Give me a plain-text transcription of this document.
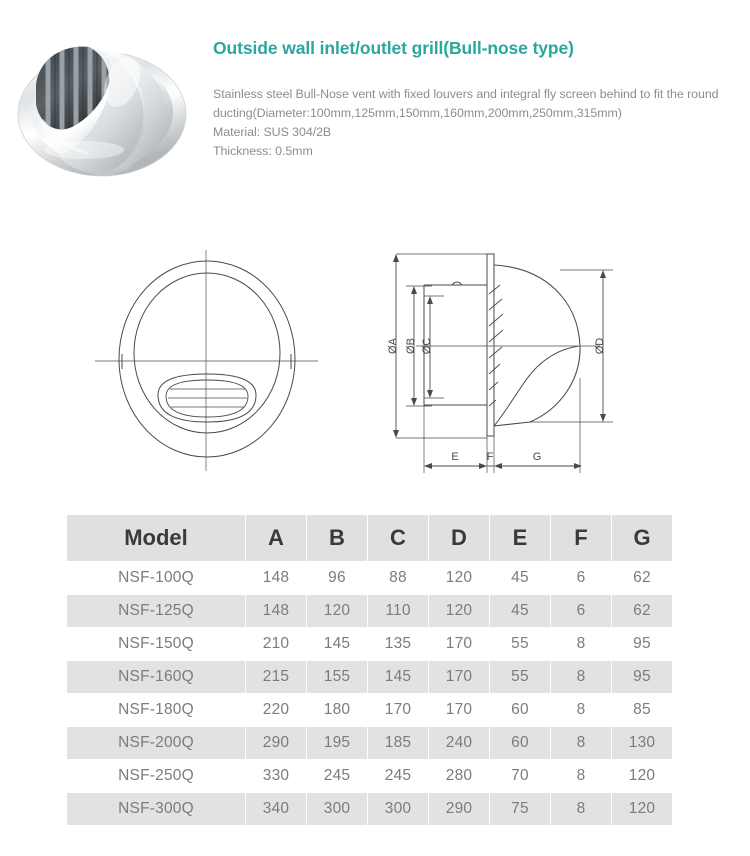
Outside wall inlet/outlet grill(Bull-nose type)

Stainless steel Bull-Nose vent with fixed louvers and integral fly screen behind to fit the round

ducting(Diameter:100mm,125mm,150mm,160mm,200mm,250mm,315mm)

Material: SUS 304/2B

Thickness: 0.5mm

ØA ØB ØC	ØD
E	F	G
Model	A	B	C	D	E	F	G
NSF-100Q	148	96	88	120	45	6	62
NSF-125Q	148	120	110	120	45	6	62
NSF-150Q	210	145	135	170	55	8	95
NSF-160Q	215	155	145	170	55	8	95
NSF-180Q	220	180	170	170	60	8	85
NSF-200Q	290	195	185	240	60	8	130
NSF-250Q	330	245	245	280	70	8	120
NSF-300Q	340	300	300	290	75	8	120
